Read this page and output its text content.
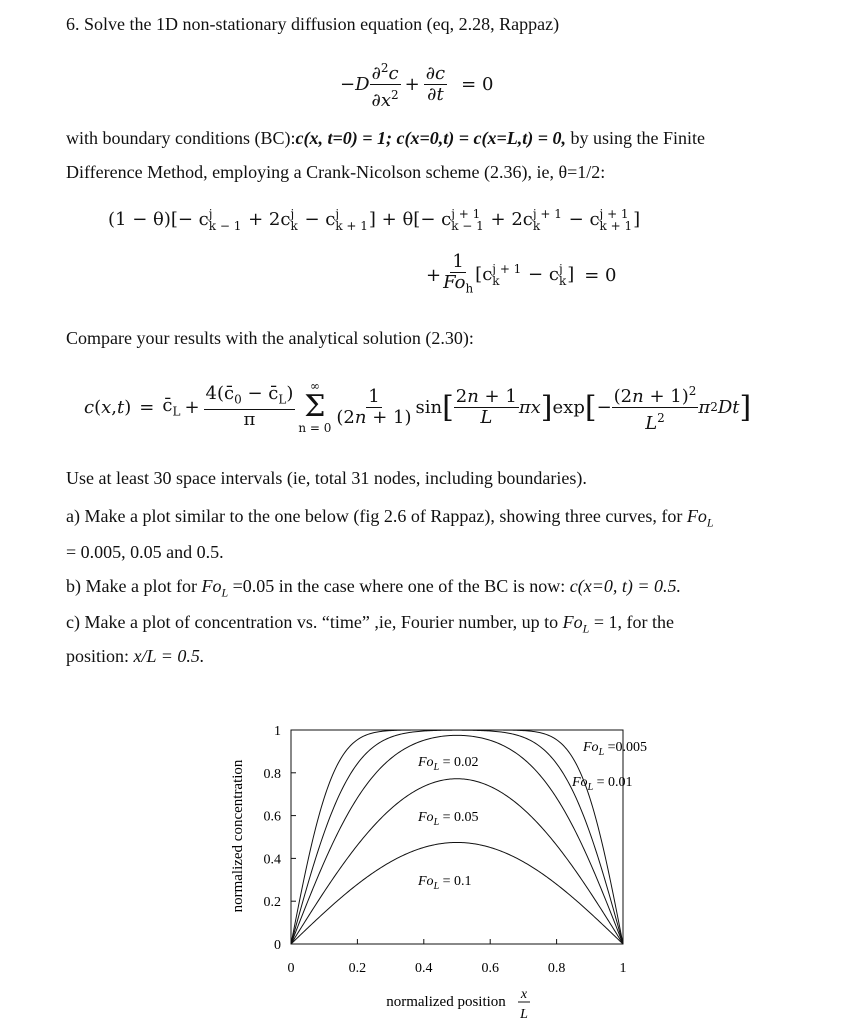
6. Solve the 1D non-stationary diffusion equation (eq, 2.28, Rappaz)
− D $\frac{\partial^2c}{\partial x^2} + \frac{\partial c}{\partial t} = 0$
with boundary conditions (BC):c(x, t=0) = 1; c(x=0,t) = c(x=L,t) = 0, by using the Finite
Difference Method, employing a Crank-Nicolson scheme (2.36), ie, θ=1/2:
(1 − θ)[− c j
k − 1 + 2c j
k − c j
k + 1 ] + θ[− c j + 1
k − 1 + 2c j + 1
k	− c j + 1
k + 1 ]
+ $\frac{1}{Fo_h} [c$ j + 1
k	− c j
k ] = 0
Compare your results with the analytical solution (2.30):
c ( x , t ) = $c̄_L + \frac{4(c̄_0 - c̄_L)}{\pi}$ ∞
Σ
n = 0
$\frac{1}{(2n + 1)}$ sin [ $\frac{2n + 1}{L}$ πx ] exp [ − $\frac{(2n + 1)^2}{L^2}$ π 2 Dt ]
Use at least 30 space intervals (ie, total 31 nodes, including boundaries).
a) Make a plot similar to the one below (fig 2.6 of Rappaz), showing three curves, for $Fo_L$
= 0.005, 0.05 and 0.5.
b) Make a plot for $Fo_L =0.05$ in the case where one of the BC is now: c(x=0, t) = 0.5.
c) Make a plot of concentration vs. “time” ,ie, Fourier number, up to $Fo_L = 1$, for the
position: x/L = 0.5.
0
0.2
0.4
0.6
0.8
1
0	0.2	0.4	0.6	0.8	1
normalized concentration
normalized position x
L
$Fo_L =0.005$
$Fo_L = 0.01$
$Fo_L = 0.02$
$Fo_L = 0.05$
$Fo_L = 0.1$
